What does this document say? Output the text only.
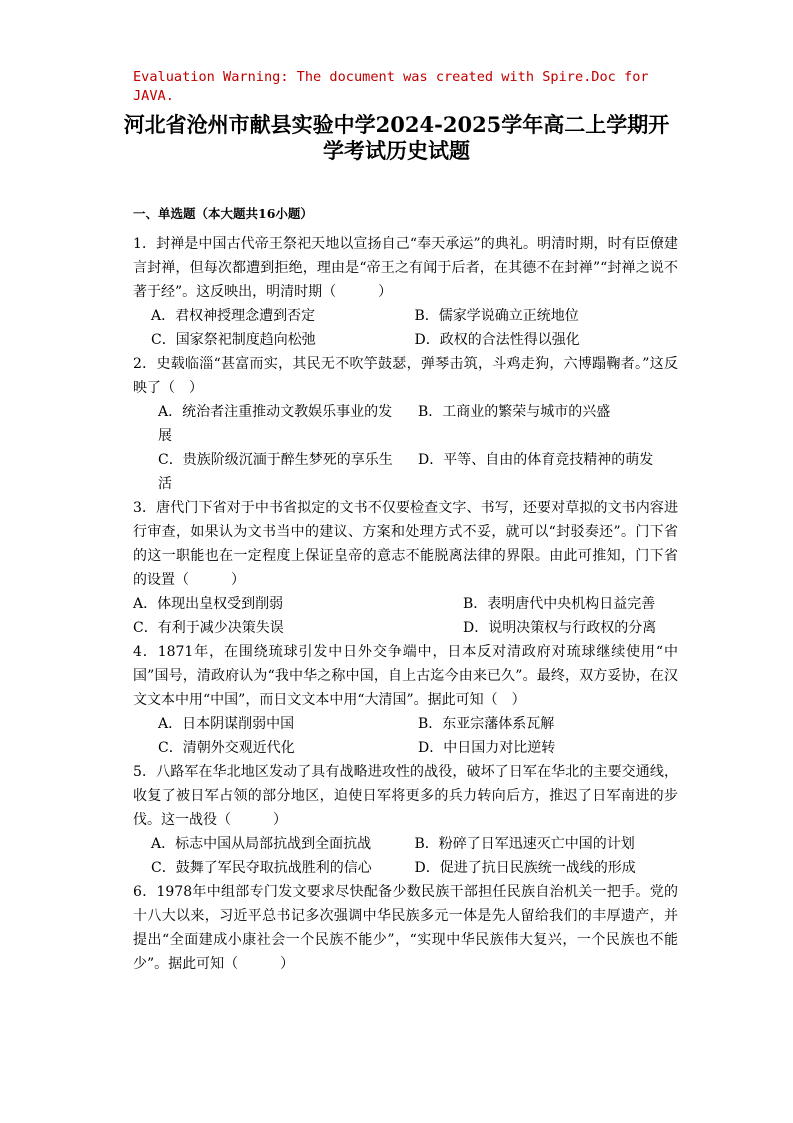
Evaluation Warning: The document was created with Spire.Doc for JAVA.
河北省沧州市献县实验中学2024-2025学年高二上学期开学考试历史试题
一、单选题（本大题共16小题）

1．封禅是中国古代帝王祭祀天地以宣扬自己“奉天承运”的典礼。明清时期，时有臣僚建言封禅，但每次都遭到拒绝，理由是“帝王之有闻于后者，在其德不在封禅”“封禅之说不著于经”。这反映出，明清时期（　　　）

A．君权神授理念遭到否定	B．儒家学说确立正统地位
C．国家祭祀制度趋向松弛	D．政权的合法性得以强化

2．史载临淄“甚富而实，其民无不吹竽鼓瑟，弹琴击筑，斗鸡走狗，六博蹋鞠者。”这反映了（　）

A．统治者注重推动文教娱乐事业的发展
B．工商业的繁荣与城市的兴盛
C．贵族阶级沉湎于醉生梦死的享乐生活
D．平等、自由的体育竞技精神的萌发

3．唐代门下省对于中书省拟定的文书不仅要检查文字、书写，还要对草拟的文书内容进行审查，如果认为文书当中的建议、方案和处理方式不妥，就可以“封驳奏还”。门下省的这一职能也在一定程度上保证皇帝的意志不能脱离法律的界限。由此可推知，门下省的设置（　　　）

A．体现出皇权受到削弱	B．表明唐代中央机构日益完善
C．有利于减少决策失误	D．说明决策权与行政权的分离

4．1871年，在围绕琉球引发中日外交争端中，日本反对清政府对琉球继续使用“中国”国号，清政府认为“我中华之称中国，自上古迄今由来已久”。最终，双方妥协，在汉文文本中用“中国”，而日文文本中用“大清国”。据此可知（　）

A．日本阴谋削弱中国	B．东亚宗藩体系瓦解
C．清朝外交观近代化	D．中日国力对比逆转

5．八路军在华北地区发动了具有战略进攻性的战役，破坏了日军在华北的主要交通线，收复了被日军占领的部分地区，迫使日军将更多的兵力转向后方，推迟了日军南进的步伐。这一战役（　　　）

A．标志中国从局部抗战到全面抗战	B．粉碎了日军迅速灭亡中国的计划
C．鼓舞了军民夺取抗战胜利的信心	D．促进了抗日民族统一战线的形成

6．1978年中组部专门发文要求尽快配备少数民族干部担任民族自治机关一把手。党的十八大以来，习近平总书记多次强调中华民族多元一体是先人留给我们的丰厚遗产，并提出“全面建成小康社会一个民族不能少”，“实现中华民族伟大复兴，一个民族也不能少”。据此可知（　　　）
